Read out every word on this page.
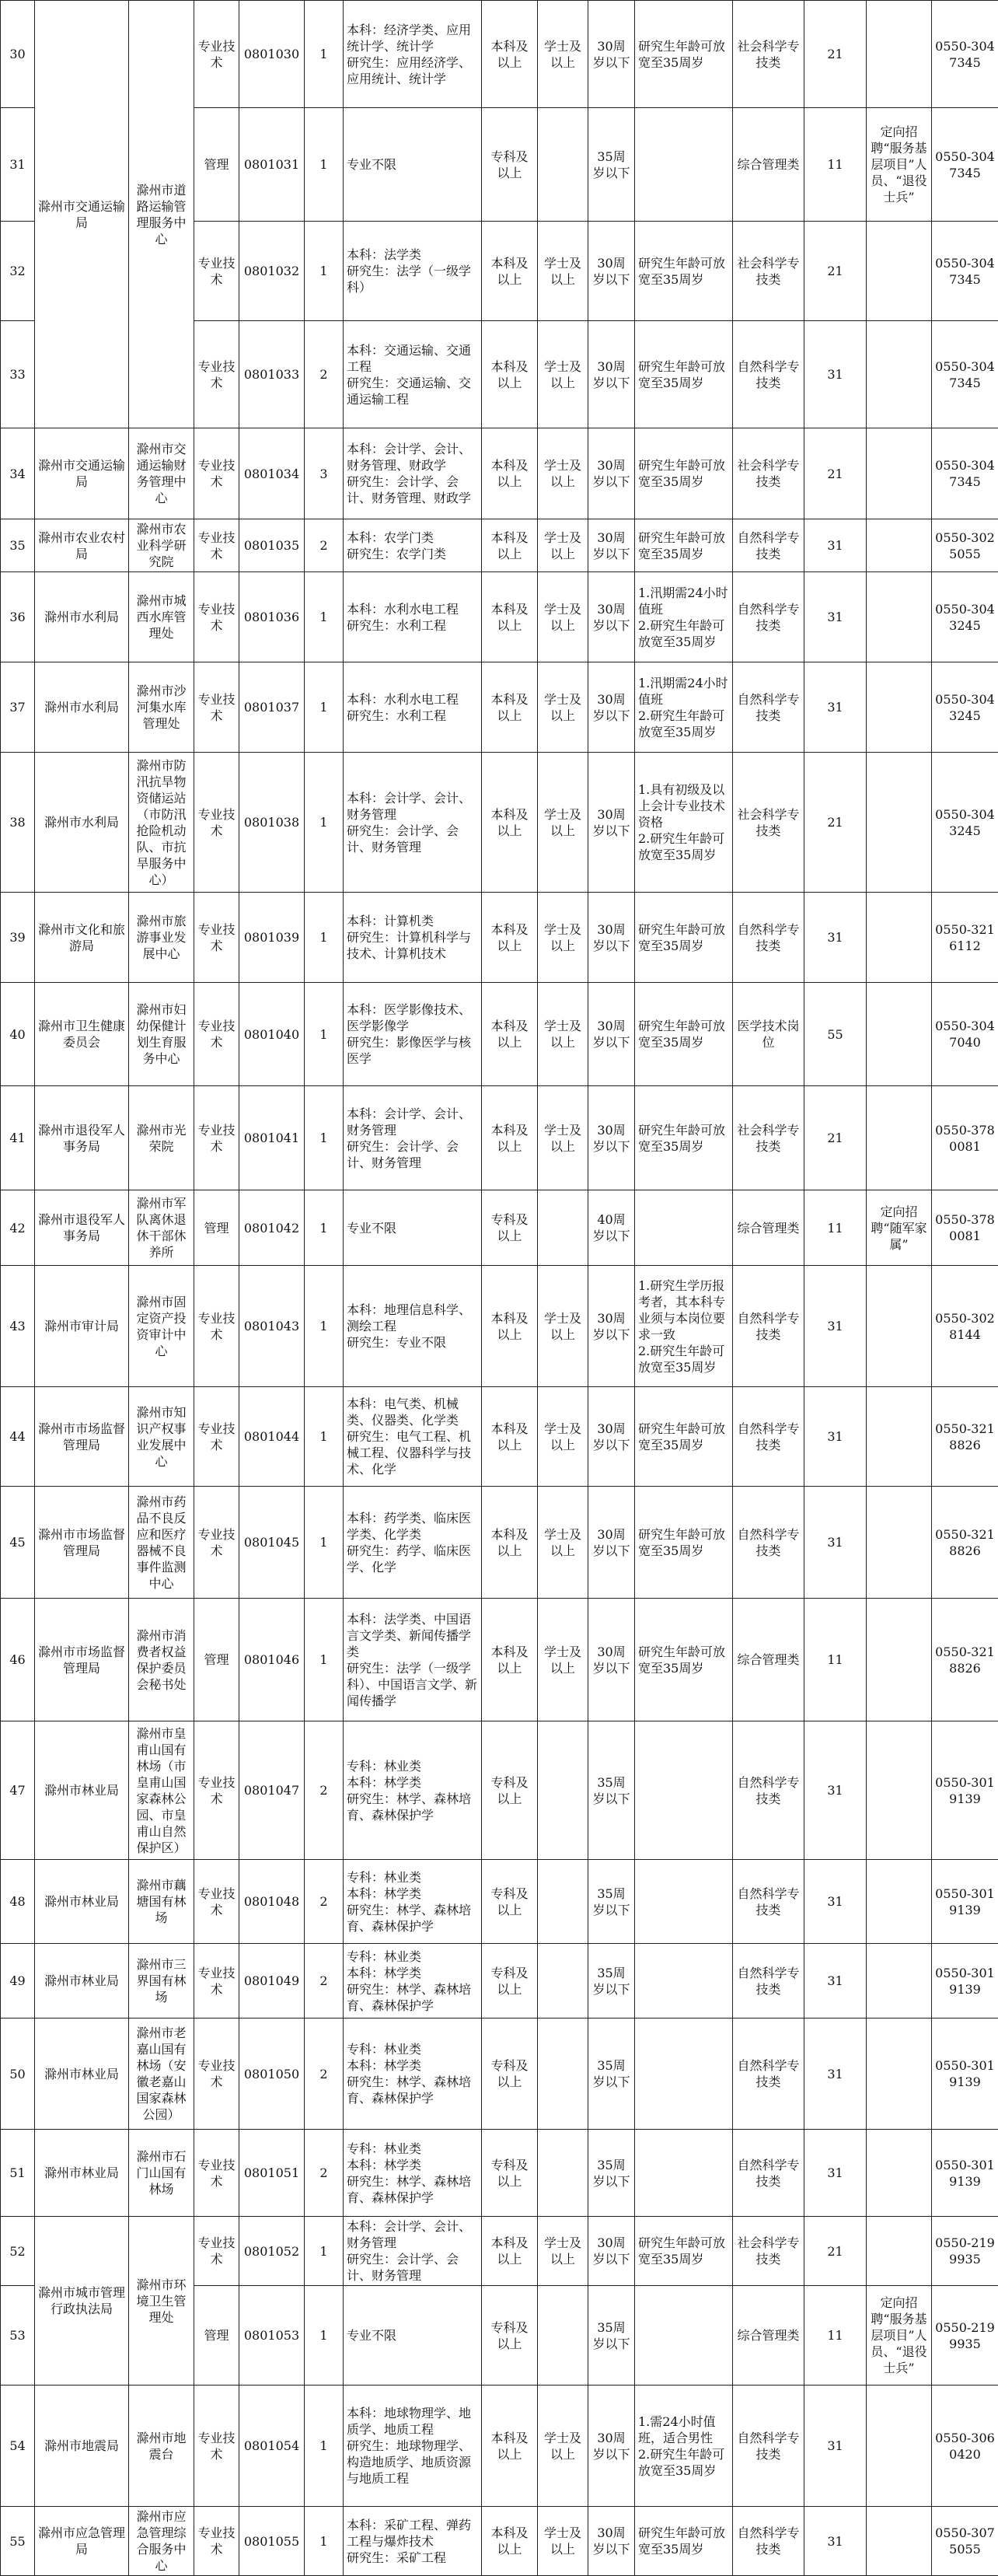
30	滁州市交通运输局	滁州市道路运输管理服务中心	专业技术	0801030	1	本科：经济学类、应用统计学、统计学
研究生：应用经济学、应用统计、统计学	本科及以上	学士及以上	30周岁以下	研究生年龄可放宽至35周岁	社会科学专技类	21		0550-3047345
31			管理	0801031	1	专业不限	专科及以上		35周岁以下		综合管理类	11	定向招聘“服务基层项目”人员、“退役士兵”	0550-3047345
32			专业技术	0801032	1	本科：法学类
研究生：法学（一级学科）	本科及以上	学士及以上	30周岁以下	研究生年龄可放宽至35周岁	社会科学专技类	21		0550-3047345
33			专业技术	0801033	2	本科：交通运输、交通工程
研究生：交通运输、交通运输工程	本科及以上	学士及以上	30周岁以下	研究生年龄可放宽至35周岁	自然科学专技类	31		0550-3047345
34	滁州市交通运输局	滁州市交通运输财务管理中心	专业技术	0801034	3	本科：会计学、会计、财务管理、财政学
研究生：会计学、会计、财务管理、财政学	本科及以上	学士及以上	30周岁以下	研究生年龄可放宽至35周岁	社会科学专技类	21		0550-3047345
35	滁州市农业农村局	滁州市农业科学研究院	专业技术	0801035	2	本科：农学门类
研究生：农学门类	本科及以上	学士及以上	30周岁以下	研究生年龄可放宽至35周岁	自然科学专技类	31		0550-3025055
36	滁州市水利局	滁州市城西水库管理处	专业技术	0801036	1	本科：水利水电工程
研究生：水利工程	本科及以上	学士及以上	30周岁以下	1.汛期需24小时值班
2.研究生年龄可放宽至35周岁	自然科学专技类	31		0550-3043245
37	滁州市水利局	滁州市沙河集水库管理处	专业技术	0801037	1	本科：水利水电工程
研究生：水利工程	本科及以上	学士及以上	30周岁以下	1.汛期需24小时值班
2.研究生年龄可放宽至35周岁	自然科学专技类	31		0550-3043245
38	滁州市水利局	滁州市防汛抗旱物资储运站（市防汛抢险机动队、市抗旱服务中心）	专业技术	0801038	1	本科：会计学、会计、财务管理
研究生：会计学、会计、财务管理	本科及以上	学士及以上	30周岁以下	1.具有初级及以上会计专业技术资格
2.研究生年龄可放宽至35周岁	社会科学专技类	21		0550-3043245
39	滁州市文化和旅游局	滁州市旅游事业发展中心	专业技术	0801039	1	本科：计算机类
研究生：计算机科学与技术、计算机技术	本科及以上	学士及以上	30周岁以下	研究生年龄可放宽至35周岁	自然科学专技类	31		0550-3216112
40	滁州市卫生健康委员会	滁州市妇幼保健计划生育服务中心	专业技术	0801040	1	本科：医学影像技术、医学影像学
研究生：影像医学与核医学	本科及以上	学士及以上	30周岁以下	研究生年龄可放宽至35周岁	医学技术岗位	55		0550-3047040
41	滁州市退役军人事务局	滁州市光荣院	专业技术	0801041	1	本科：会计学、会计、财务管理
研究生：会计学、会计、财务管理	本科及以上	学士及以上	30周岁以下	研究生年龄可放宽至35周岁	社会科学专技类	21		0550-3780081
42	滁州市退役军人事务局	滁州市军队离休退休干部休养所	管理	0801042	1	专业不限	专科及以上		40周岁以下		综合管理类	11	定向招聘“随军家属”	0550-3780081
43	滁州市审计局	滁州市固定资产投资审计中心	专业技术	0801043	1	本科：地理信息科学、测绘工程
研究生：专业不限	本科及以上	学士及以上	30周岁以下	1.研究生学历报考者，其本科专业须与本岗位要求一致
2.研究生年龄可放宽至35周岁	自然科学专技类	31		0550-3028144
44	滁州市市场监督管理局	滁州市知识产权事业发展中心	专业技术	0801044	1	本科：电气类、机械类、仪器类、化学类
研究生：电气工程、机械工程、仪器科学与技术、化学	本科及以上	学士及以上	30周岁以下	研究生年龄可放宽至35周岁	自然科学专技类	31		0550-3218826
45	滁州市市场监督管理局	滁州市药品不良反应和医疗器械不良事件监测中心	专业技术	0801045	1	本科：药学类、临床医学类、化学类
研究生：药学、临床医学、化学	本科及以上	学士及以上	30周岁以下	研究生年龄可放宽至35周岁	自然科学专技类	31		0550-3218826
46	滁州市市场监督管理局	滁州市消费者权益保护委员会秘书处	管理	0801046	1	本科：法学类、中国语言文学类、新闻传播学类
研究生：法学（一级学科）、中国语言文学、新闻传播学	本科及以上	学士及以上	30周岁以下	研究生年龄可放宽至35周岁	综合管理类	11		0550-3218826
47	滁州市林业局	滁州市皇甫山国有林场（市皇甫山国家森林公园、市皇甫山自然保护区）	专业技术	0801047	2	专科：林业类
本科：林学类
研究生：林学、森林培育、森林保护学	专科及以上		35周岁以下		自然科学专技类	31		0550-3019139
48	滁州市林业局	滁州市藕塘国有林场	专业技术	0801048	2	专科：林业类
本科：林学类
研究生：林学、森林培育、森林保护学	专科及以上		35周岁以下		自然科学专技类	31		0550-3019139
49	滁州市林业局	滁州市三界国有林场	专业技术	0801049	2	专科：林业类
本科：林学类
研究生：林学、森林培育、森林保护学	专科及以上		35周岁以下		自然科学专技类	31		0550-3019139
50	滁州市林业局	滁州市老嘉山国有林场（安徽老嘉山国家森林公园）	专业技术	0801050	2	专科：林业类
本科：林学类
研究生：林学、森林培育、森林保护学	专科及以上		35周岁以下		自然科学专技类	31		0550-3019139
51	滁州市林业局	滁州市石门山国有林场	专业技术	0801051	2	专科：林业类
本科：林学类
研究生：林学、森林培育、森林保护学	专科及以上		35周岁以下		自然科学专技类	31		0550-3019139
52	滁州市城市管理行政执法局	滁州市环境卫生管理处	专业技术	0801052	1	本科：会计学、会计、财务管理
研究生：会计学、会计、财务管理	本科及以上	学士及以上	30周岁以下	研究生年龄可放宽至35周岁	社会科学专技类	21		0550-2199935
53			管理	0801053	1	专业不限	专科及以上		35周岁以下		综合管理类	11	定向招聘“服务基层项目”人员、“退役士兵”	0550-2199935
54	滁州市地震局	滁州市地震台	专业技术	0801054	1	本科：地球物理学、地质学、地质工程
研究生：地球物理学、构造地质学、地质资源与地质工程	本科及以上	学士及以上	30周岁以下	1.需24小时值班，适合男性
2.研究生年龄可放宽至35周岁	自然科学专技类	31		0550-3060420
55	滁州市应急管理局	滁州市应急管理综合服务中心	专业技术	0801055	1	本科：采矿工程、弹药工程与爆炸技术
研究生：采矿工程	本科及以上	学士及以上	30周岁以下	研究生年龄可放宽至35周岁	自然科学专技类	31		0550-3075055
